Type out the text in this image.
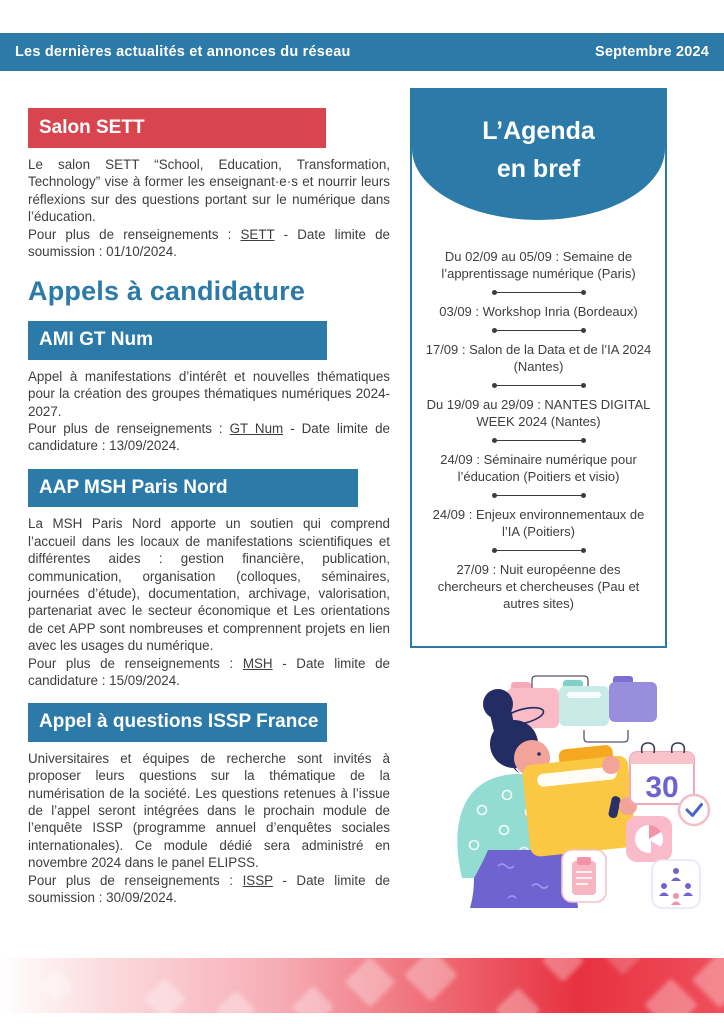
Les dernières actualités et annonces du réseau	Septembre 2024
Salon SETT

Le salon SETT “School, Education, Transformation, Technology” vise à former les enseignant·e·s et nourrir leurs réflexions sur des questions portant sur le numérique dans l’éducation.

Pour plus de renseignements : SETT - Date limite de soumission : 01/10/2024.

Appels à candidature
AMI GT Num

Appel à manifestations d’intérêt et nouvelles thématiques pour la création des groupes thématiques numériques 2024-2027.

Pour plus de renseignements : GT Num - Date limite de candidature : 13/09/2024.

AAP MSH Paris Nord

La MSH Paris Nord apporte un soutien qui comprend l’accueil dans les locaux de manifestations scientifiques et différentes aides : gestion financière, publication, communication, organisation (colloques, séminaires, journées d’étude), documentation, archivage, valorisation, partenariat avec le secteur économique et Les orientations de cet APP sont nombreuses et comprennent projets en lien avec les usages du numérique.

Pour plus de renseignements : MSH - Date limite de candidature : 15/09/2024.

Appel à questions ISSP France

Universitaires et équipes de recherche sont invités à proposer leurs questions sur la thématique de la numérisation de la société. Les questions retenues à l’issue de l’appel seront intégrées dans le prochain module de l’enquête ISSP (programme annuel d’enquêtes sociales internationales). Ce module dédié sera administré en novembre 2024 dans le panel ELIPSS.

Pour plus de renseignements : ISSP - Date limite de soumission : 30/09/2024.

L’Agenda
en bref
Du 02/09 au 05/09 : Semaine de l’apprentissage numérique (Paris)
03/09 : Workshop Inria (Bordeaux)
17/09 : Salon de la Data et de l’IA 2024 (Nantes)
Du 19/09 au 29/09 : NANTES DIGITAL WEEK 2024 (Nantes)
24/09 : Séminaire numérique pour l’éducation (Poitiers et visio)
24/09 : Enjeux environnementaux de l’IA (Poitiers)
27/09 : Nuit européenne des chercheurs et chercheuses (Pau et autres sites)
30
